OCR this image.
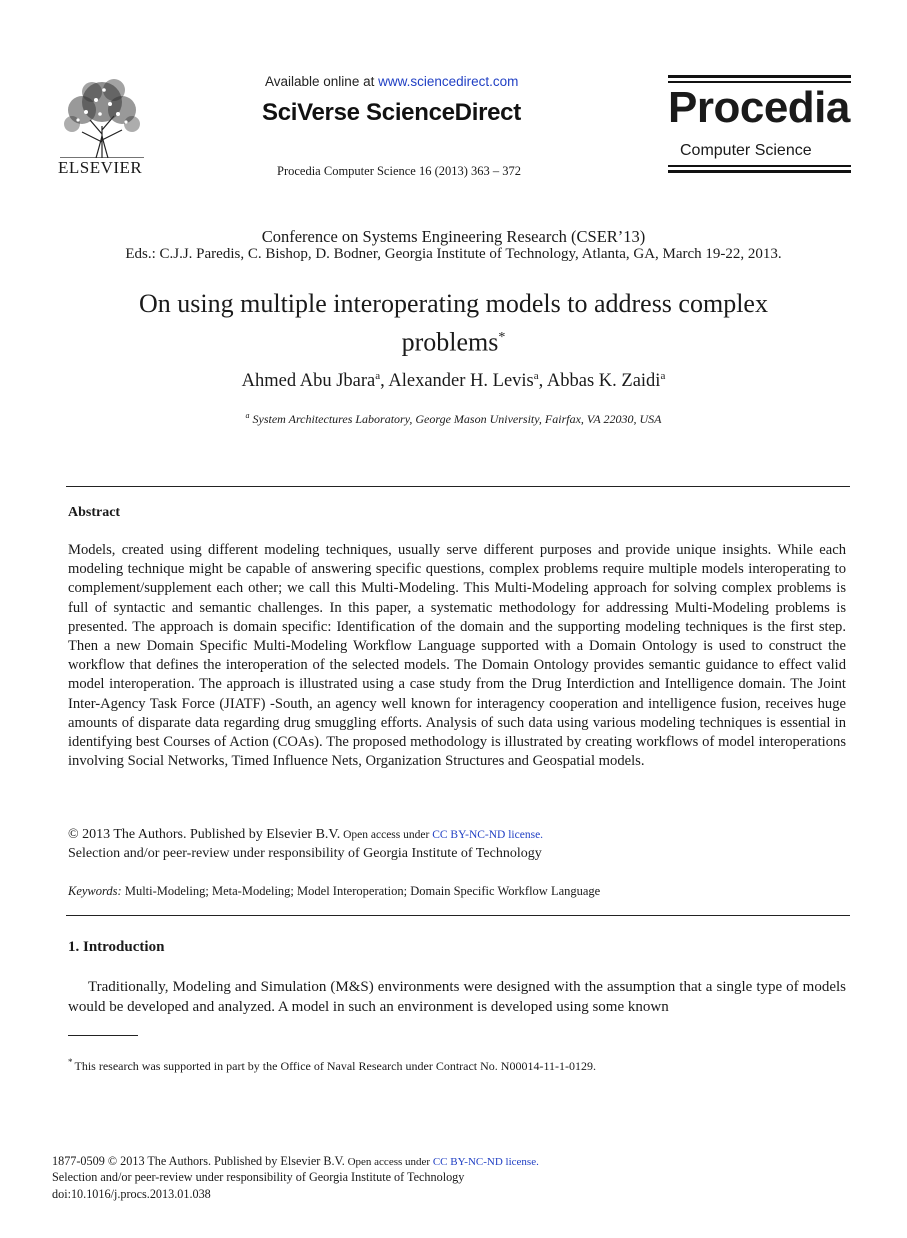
ELSEVIER
Available online at www.sciencedirect.com
SciVerse ScienceDirect
Procedia Computer Science 16 (2013) 363 – 372
Procedia
Computer Science
Conference on Systems Engineering Research (CSER’13)
Eds.: C.J.J. Paredis, C. Bishop, D. Bodner, Georgia Institute of Technology, Atlanta, GA, March 19-22, 2013.
On using multiple interoperating models to address complex
problems*
Ahmed Abu Jbara$^a$, Alexander H. Levis$^a$, Abbas K. Zaidi$^a$
$^a$ System Architectures Laboratory, George Mason University, Fairfax, VA 22030, USA
Abstract
Models, created using different modeling techniques, usually serve different purposes and provide unique insights. While each modeling technique might be capable of answering specific questions, complex problems require multiple models interoperating to complement/supplement each other; we call this Multi-Modeling. This Multi-Modeling approach for solving complex problems is full of syntactic and semantic challenges. In this paper, a systematic methodology for addressing Multi-Modeling problems is presented. The approach is domain specific: Identification of the domain and the supporting modeling techniques is the first step. Then a new Domain Specific Multi-Modeling Workflow Language supported with a Domain Ontology is used to construct the workflow that defines the interoperation of the selected models. The Domain Ontology provides semantic guidance to effect valid model interoperation. The approach is illustrated using a case study from the Drug Interdiction and Intelligence domain. The Joint Inter-Agency Task Force (JIATF) -South, an agency well known for interagency cooperation and intelligence fusion, receives huge amounts of disparate data regarding drug smuggling efforts. Analysis of such data using various modeling techniques is essential in identifying best Courses of Action (COAs). The proposed methodology is illustrated by creating workflows of model interoperations involving Social Networks, Timed Influence Nets, Organization Structures and Geospatial models.
© 2013 The Authors. Published by Elsevier B.V. Open access under CC BY-NC-ND license.
Selection and/or peer-review under responsibility of Georgia Institute of Technology
Keywords: Multi-Modeling; Meta-Modeling; Model Interoperation; Domain Specific Workflow Language
1. Introduction
Traditionally, Modeling and Simulation (M&S) environments were designed with the assumption that a single type of models would be developed and analyzed. A model in such an environment is developed using some known
* This research was supported in part by the Office of Naval Research under Contract No. N00014-11-1-0129.
1877-0509 © 2013 The Authors. Published by Elsevier B.V. Open access under CC BY-NC-ND license.
Selection and/or peer-review under responsibility of Georgia Institute of Technology
doi:10.1016/j.procs.2013.01.038
